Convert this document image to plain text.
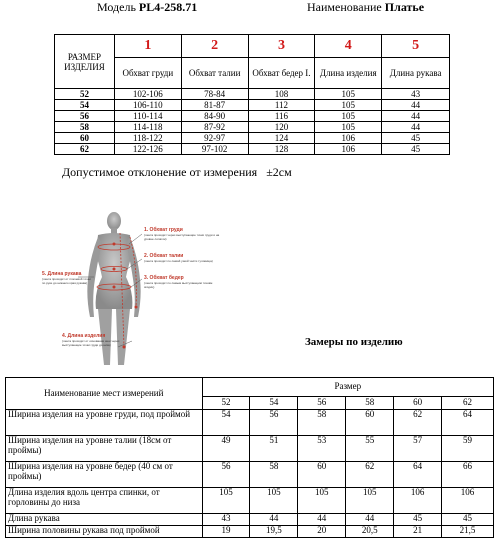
Модель PL4-258.71	Наименование Платье
РАЗМЕР ИЗДЕЛИЯ	1	2	3	4	5
	Обхват груди	Обхват талии	Обхват бедер I.	Длина изделия	Длина рукава
52	102-106	78-84	108	105	43
54	106-110	81-87	112	105	44
56	110-114	84-90	116	105	44
58	114-118	87-92	120	105	44
60	118-122	92-97	124	106	45
62	122-126	97-102	128	106	45
Допустимое отклонение от измерения ±2см
1. Обхват груди
(лента проходит через выступающие точки груди и на уровне лопаток)
2. Обхват талии
(лента проходит по самой узкой части туловища)
3. Обхват бедер
(лента проходит по самым выступающим точкам ягодиц)
4. Длина изделия
(лента проходит от основания шеи через выступающие точки груди до низа)
5. Длина рукава
(лента проходит от плечевой точки по руке до нижнего края рукава)
Замеры по изделию
Наименование мест измерений	Размер					
	52	54	56	58	60	62
Ширина изделия на уровне груди, под проймой	54	56	58	60	62	64
Ширина изделия на уровне талии (18см от проймы)	49	51	53	55	57	59
Ширина изделия на уровне бедер (40 см от проймы)	56	58	60	62	64	66
Длина изделия вдоль центра спинки, от горловины до низа	105	105	105	105	106	106
Длина рукава	43	44	44	44	45	45
Ширина половины рукава под проймой	19	19,5	20	20,5	21	21,5
